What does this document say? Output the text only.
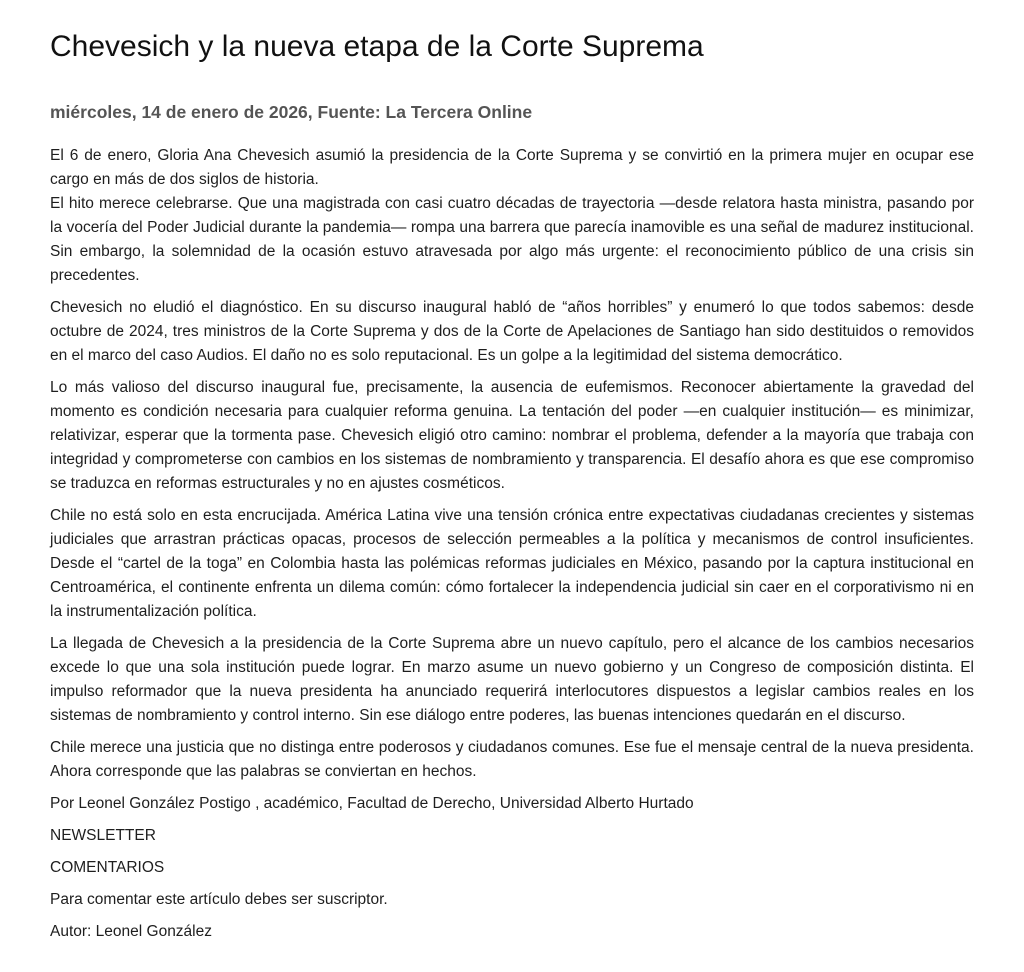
Chevesich y la nueva etapa de la Corte Suprema
miércoles, 14 de enero de 2026, Fuente: La Tercera Online

El 6 de enero, Gloria Ana Chevesich asumió la presidencia de la Corte Suprema y se convirtió en la primera mujer en ocupar ese cargo en más de dos siglos de historia.

El hito merece celebrarse. Que una magistrada con casi cuatro décadas de trayectoria —desde relatora hasta ministra, pasando por la vocería del Poder Judicial durante la pandemia— rompa una barrera que parecía inamovible es una señal de madurez institucional. Sin embargo, la solemnidad de la ocasión estuvo atravesada por algo más urgente: el reconocimiento público de una crisis sin precedentes.

Chevesich no eludió el diagnóstico. En su discurso inaugural habló de “años horribles” y enumeró lo que todos sabemos: desde octubre de 2024, tres ministros de la Corte Suprema y dos de la Corte de Apelaciones de Santiago han sido destituidos o removidos en el marco del caso Audios. El daño no es solo reputacional. Es un golpe a la legitimidad del sistema democrático.

Lo más valioso del discurso inaugural fue, precisamente, la ausencia de eufemismos. Reconocer abiertamente la gravedad del momento es condición necesaria para cualquier reforma genuina. La tentación del poder —en cualquier institución— es minimizar, relativizar, esperar que la tormenta pase. Chevesich eligió otro camino: nombrar el problema, defender a la mayoría que trabaja con integridad y comprometerse con cambios en los sistemas de nombramiento y transparencia. El desafío ahora es que ese compromiso se traduzca en reformas estructurales y no en ajustes cosméticos.

Chile no está solo en esta encrucijada. América Latina vive una tensión crónica entre expectativas ciudadanas crecientes y sistemas judiciales que arrastran prácticas opacas, procesos de selección permeables a la política y mecanismos de control insuficientes. Desde el “cartel de la toga” en Colombia hasta las polémicas reformas judiciales en México, pasando por la captura institucional en Centroamérica, el continente enfrenta un dilema común: cómo fortalecer la independencia judicial sin caer en el corporativismo ni en la instrumentalización política.

La llegada de Chevesich a la presidencia de la Corte Suprema abre un nuevo capítulo, pero el alcance de los cambios necesarios excede lo que una sola institución puede lograr. En marzo asume un nuevo gobierno y un Congreso de composición distinta. El impulso reformador que la nueva presidenta ha anunciado requerirá interlocutores dispuestos a legislar cambios reales en los sistemas de nombramiento y control interno. Sin ese diálogo entre poderes, las buenas intenciones quedarán en el discurso.

Chile merece una justicia que no distinga entre poderosos y ciudadanos comunes. Ese fue el mensaje central de la nueva presidenta. Ahora corresponde que las palabras se conviertan en hechos.

Por Leonel González Postigo , académico, Facultad de Derecho, Universidad Alberto Hurtado

NEWSLETTER

COMENTARIOS

Para comentar este artículo debes ser suscriptor.

Autor: Leonel González
